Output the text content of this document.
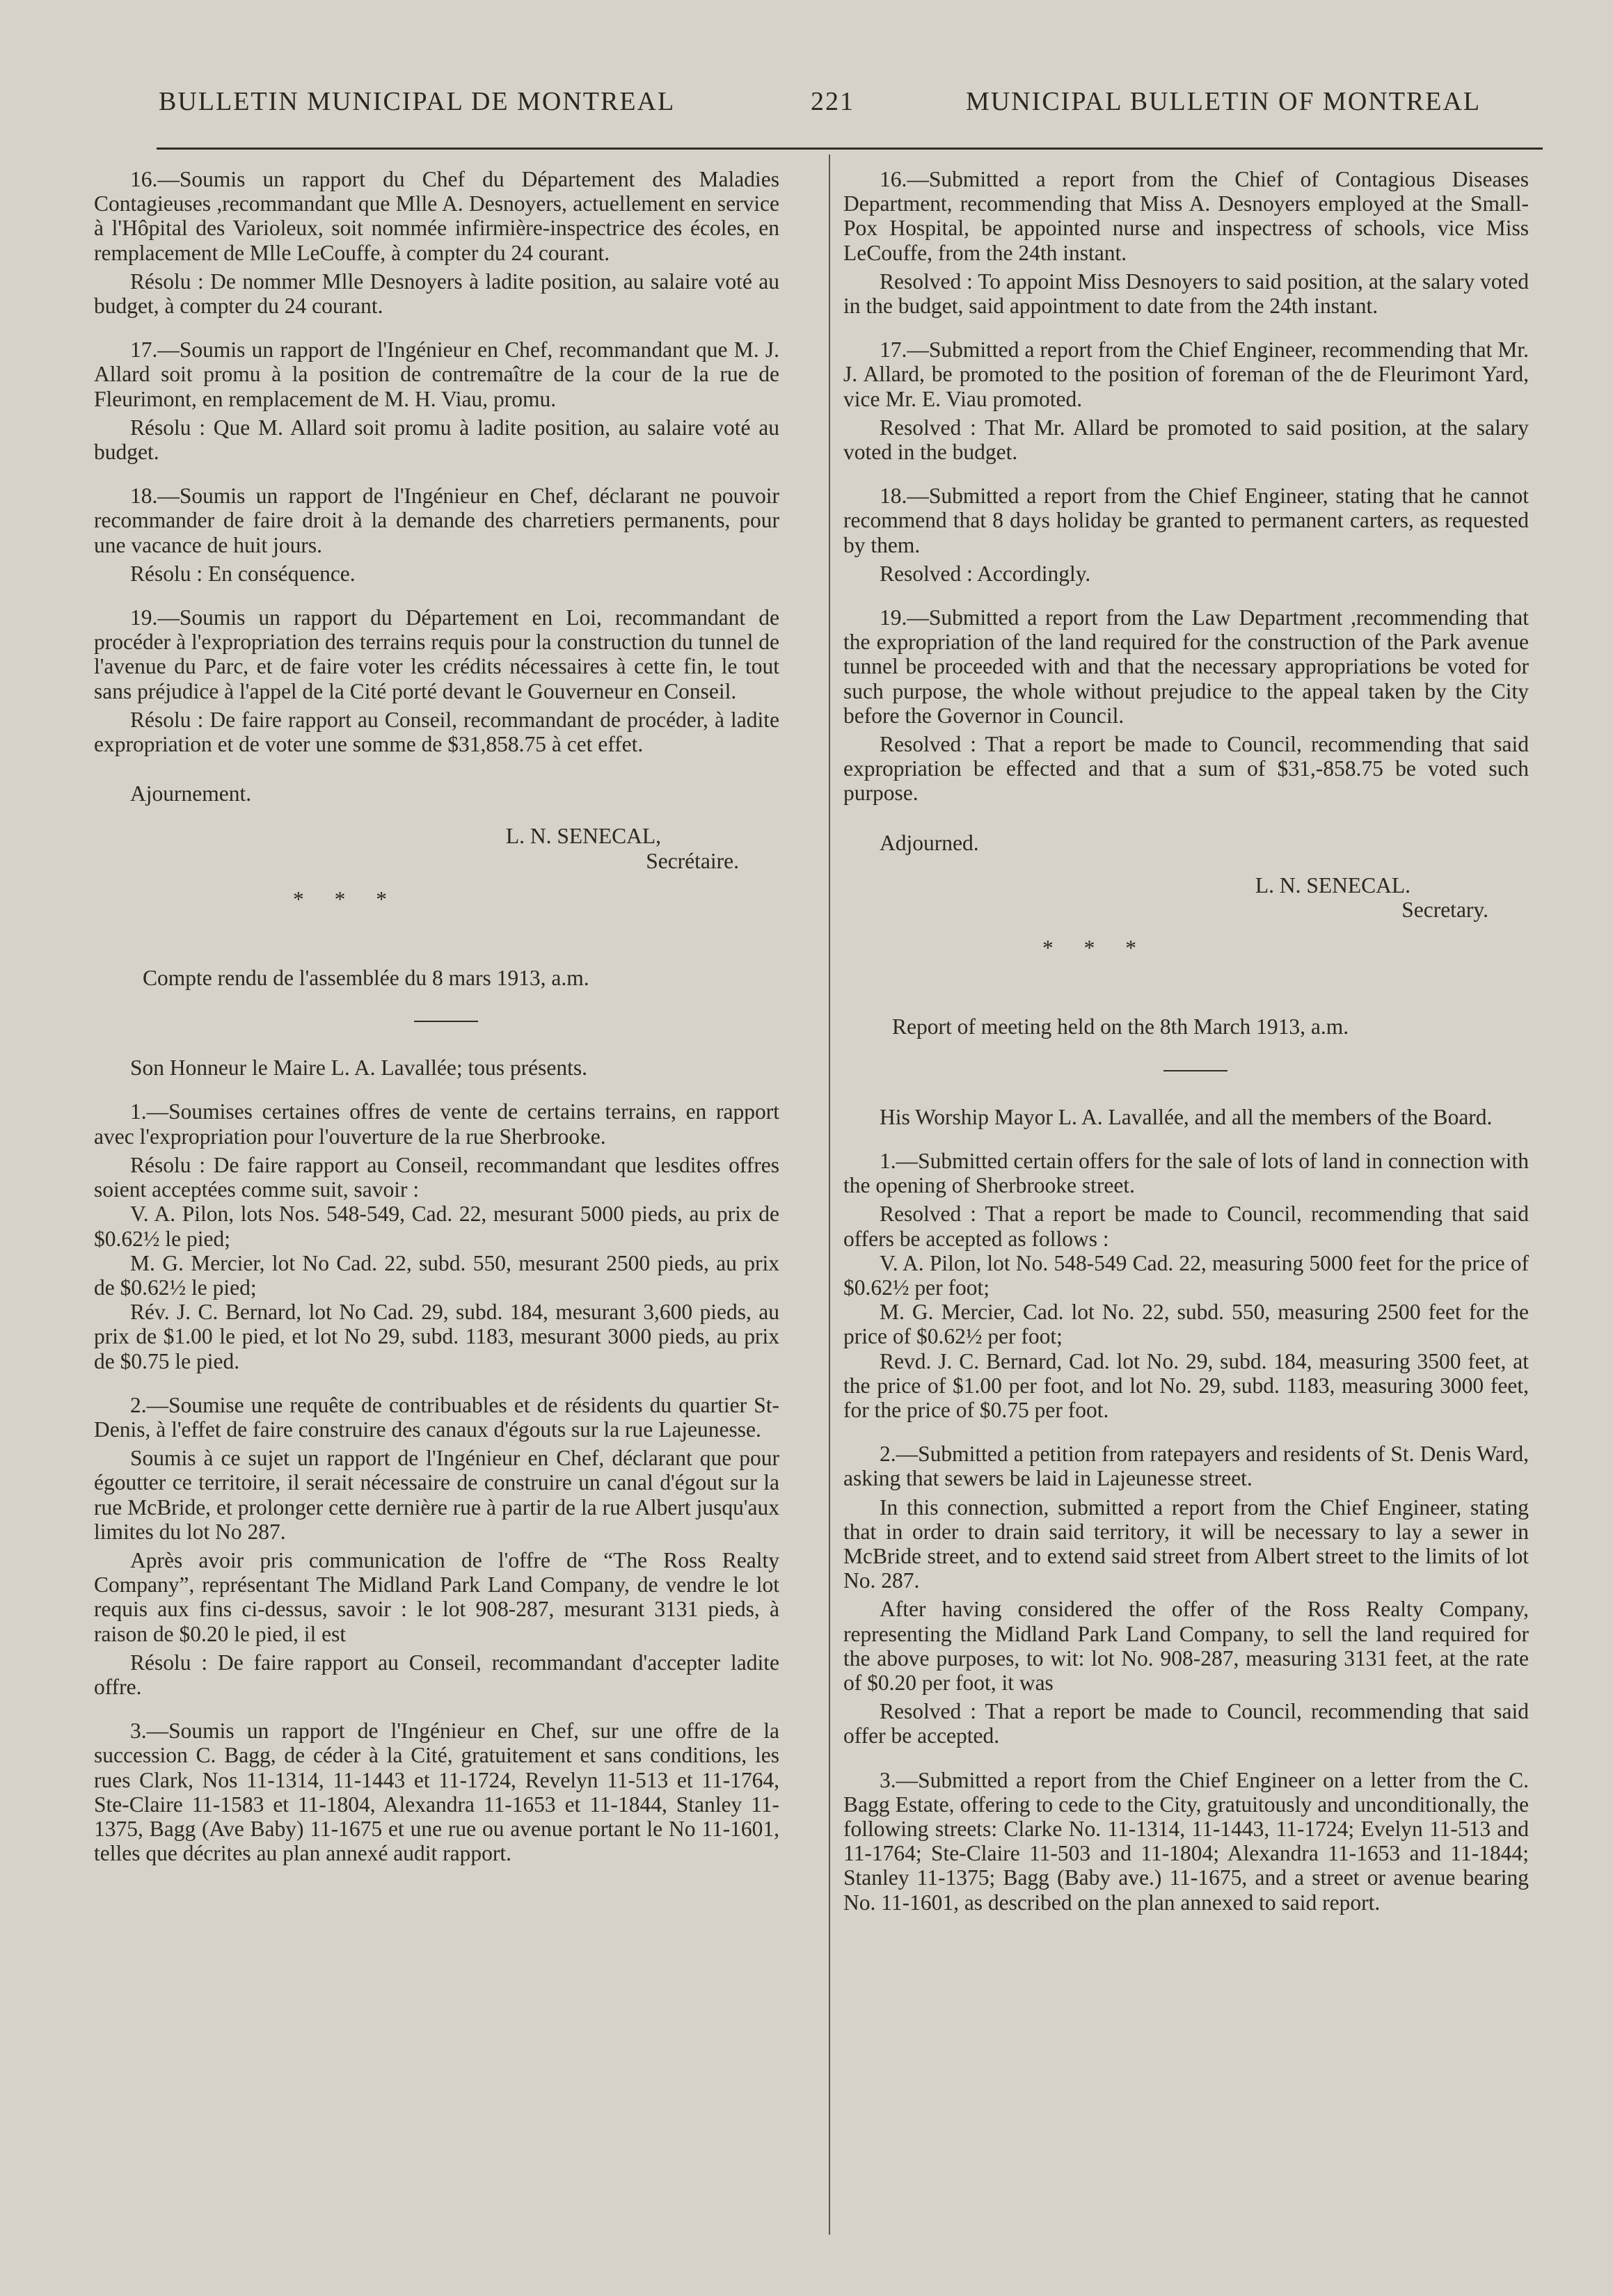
BULLETIN MUNICIPAL DE MONTREAL	221	MUNICIPAL BULLETIN OF MONTREAL

16.—Soumis un rapport du Chef du Département des Maladies Contagieuses ,recommandant que Mlle A. Desnoyers, actuellement en service à l'Hôpital des Varioleux, soit nommée infirmière-inspectrice des écoles, en remplacement de Mlle LeCouffe, à compter du 24 courant.

Résolu : De nommer Mlle Desnoyers à ladite position, au salaire voté au budget, à compter du 24 courant.

17.—Soumis un rapport de l'Ingénieur en Chef, recommandant que M. J. Allard soit promu à la position de contremaître de la cour de la rue de Fleurimont, en remplacement de M. H. Viau, promu.

Résolu : Que M. Allard soit promu à ladite position, au salaire voté au budget.

18.—Soumis un rapport de l'Ingénieur en Chef, déclarant ne pouvoir recommander de faire droit à la demande des charretiers permanents, pour une vacance de huit jours.

Résolu : En conséquence.

19.—Soumis un rapport du Département en Loi, recommandant de procéder à l'expropriation des terrains requis pour la construction du tunnel de l'avenue du Parc, et de faire voter les crédits nécessaires à cette fin, le tout sans préjudice à l'appel de la Cité porté devant le Gouverneur en Conseil.

Résolu : De faire rapport au Conseil, recommandant de procéder, à ladite expropriation et de voter une somme de $31,858.75 à cet effet.

Ajournement.

L. N. SENECAL,

Secrétaire.

* * *

Compte rendu de l'assemblée du 8 mars 1913, a.m.

Son Honneur le Maire L. A. Lavallée; tous présents.

1.—Soumises certaines offres de vente de certains terrains, en rapport avec l'expropriation pour l'ouverture de la rue Sherbrooke.

Résolu : De faire rapport au Conseil, recommandant que lesdites offres soient acceptées comme suit, savoir :

V. A. Pilon, lots Nos. 548-549, Cad. 22, mesurant 5000 pieds, au prix de $0.62½ le pied;

M. G. Mercier, lot No Cad. 22, subd. 550, mesurant 2500 pieds, au prix de $0.62½ le pied;

Rév. J. C. Bernard, lot No Cad. 29, subd. 184, mesurant 3,600 pieds, au prix de $1.00 le pied, et lot No 29, subd. 1183, mesurant 3000 pieds, au prix de $0.75 le pied.

2.—Soumise une requête de contribuables et de résidents du quartier St-Denis, à l'effet de faire construire des canaux d'égouts sur la rue Lajeunesse.

Soumis à ce sujet un rapport de l'Ingénieur en Chef, déclarant que pour égoutter ce territoire, il serait nécessaire de construire un canal d'égout sur la rue McBride, et prolonger cette dernière rue à partir de la rue Albert jusqu'aux limites du lot No 287.

Après avoir pris communication de l'offre de “The Ross Realty Company”, représentant The Midland Park Land Company, de vendre le lot requis aux fins ci-dessus, savoir : le lot 908-287, mesurant 3131 pieds, à raison de $0.20 le pied, il est

Résolu : De faire rapport au Conseil, recommandant d'accepter ladite offre.

3.—Soumis un rapport de l'Ingénieur en Chef, sur une offre de la succession C. Bagg, de céder à la Cité, gratuitement et sans conditions, les rues Clark, Nos 11-1314, 11-1443 et 11-1724, Revelyn 11-513 et 11-1764, Ste-Claire 11-1583 et 11-1804, Alexandra 11-1653 et 11-1844, Stanley 11-1375, Bagg (Ave Baby) 11-1675 et une rue ou avenue portant le No 11-1601, telles que décrites au plan annexé audit rapport.

16.—Submitted a report from the Chief of Contagious Diseases Department, recommending that Miss A. Desnoyers employed at the Small-Pox Hospital, be appointed nurse and inspectress of schools, vice Miss LeCouffe, from the 24th instant.

Resolved : To appoint Miss Desnoyers to said position, at the salary voted in the budget, said appointment to date from the 24th instant.

17.—Submitted a report from the Chief Engineer, recommending that Mr. J. Allard, be promoted to the position of foreman of the de Fleurimont Yard, vice Mr. E. Viau promoted.

Resolved : That Mr. Allard be promoted to said position, at the salary voted in the budget.

18.—Submitted a report from the Chief Engineer, stating that he cannot recommend that 8 days holiday be granted to permanent carters, as requested by them.

Resolved : Accordingly.

19.—Submitted a report from the Law Department ,recommending that the expropriation of the land required for the construction of the Park avenue tunnel be proceeded with and that the necessary appropriations be voted for such purpose, the whole without prejudice to the appeal taken by the City before the Governor in Council.

Resolved : That a report be made to Council, recommending that said expropriation be effected and that a sum of $31,-858.75 be voted such purpose.

Adjourned.

L. N. SENECAL.

Secretary.

* * *

Report of meeting held on the 8th March 1913, a.m.

His Worship Mayor L. A. Lavallée, and all the members of the Board.

1.—Submitted certain offers for the sale of lots of land in connection with the opening of Sherbrooke street.

Resolved : That a report be made to Council, recommending that said offers be accepted as follows :

V. A. Pilon, lot No. 548-549 Cad. 22, measuring 5000 feet for the price of $0.62½ per foot;

M. G. Mercier, Cad. lot No. 22, subd. 550, measuring 2500 feet for the price of $0.62½ per foot;

Revd. J. C. Bernard, Cad. lot No. 29, subd. 184, measuring 3500 feet, at the price of $1.00 per foot, and lot No. 29, subd. 1183, measuring 3000 feet, for the price of $0.75 per foot.

2.—Submitted a petition from ratepayers and residents of St. Denis Ward, asking that sewers be laid in Lajeunesse street.

In this connection, submitted a report from the Chief Engineer, stating that in order to drain said territory, it will be necessary to lay a sewer in McBride street, and to extend said street from Albert street to the limits of lot No. 287.

After having considered the offer of the Ross Realty Company, representing the Midland Park Land Company, to sell the land required for the above purposes, to wit: lot No. 908-287, measuring 3131 feet, at the rate of $0.20 per foot, it was

Resolved : That a report be made to Council, recommending that said offer be accepted.

3.—Submitted a report from the Chief Engineer on a letter from the C. Bagg Estate, offering to cede to the City, gratuitously and unconditionally, the following streets: Clarke No. 11-1314, 11-1443, 11-1724; Evelyn 11-513 and 11-1764; Ste-Claire 11-503 and 11-1804; Alexandra 11-1653 and 11-1844; Stanley 11-1375; Bagg (Baby ave.) 11-1675, and a street or avenue bearing No. 11-1601, as described on the plan annexed to said report.
